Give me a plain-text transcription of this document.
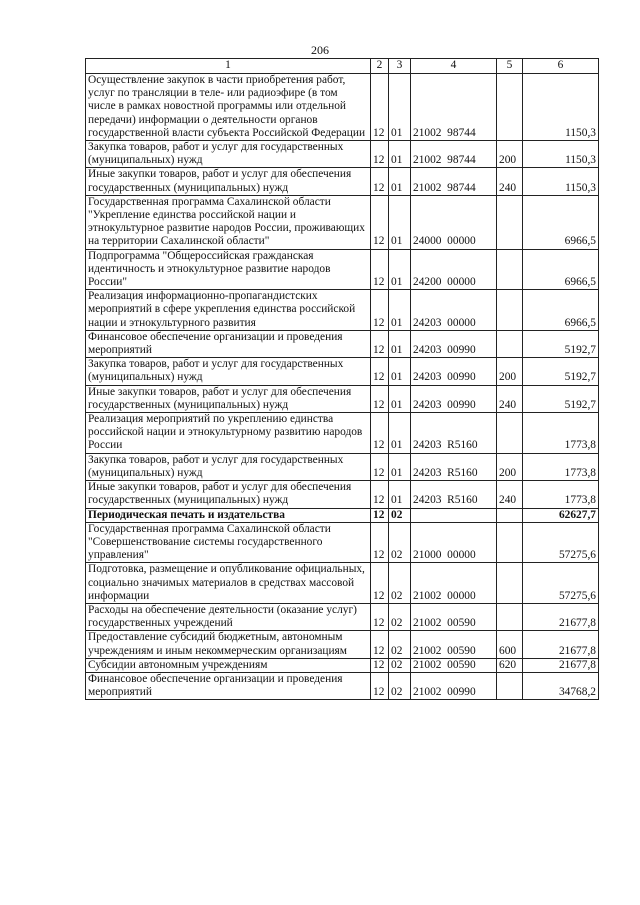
206
1	2	3	4	5	6
Осуществление закупок в части приобретения работ, услуг по трансляции в теле- или радиоэфире (в том числе в рамках новостной программы или отдельной передачи) информации о деятельности органов государственной власти субъекта Российской Федерации	12	01	21002  98744		1150,3
Закупка товаров, работ и услуг для государственных (муниципальных) нужд	12	01	21002  98744	200	1150,3
Иные закупки товаров, работ и услуг для обеспечения государственных (муниципальных) нужд	12	01	21002  98744	240	1150,3
Государственная программа Сахалинской области "Укрепление единства российской нации и этнокультурное развитие народов России, проживающих на территории Сахалинской области"	12	01	24000  00000		6966,5
Подпрограмма "Общероссийская гражданская идентичность и этнокультурное развитие народов России"	12	01	24200  00000		6966,5
Реализация информационно-пропагандистских мероприятий в сфере укрепления единства российской нации и этнокультурного развития	12	01	24203  00000		6966,5
Финансовое обеспечение организации и проведения мероприятий	12	01	24203  00990		5192,7
Закупка товаров, работ и услуг для государственных (муниципальных) нужд	12	01	24203  00990	200	5192,7
Иные закупки товаров, работ и услуг для обеспечения государственных (муниципальных) нужд	12	01	24203  00990	240	5192,7
Реализация мероприятий по укреплению единства российской нации и этнокультурному развитию народов России	12	01	24203  R5160		1773,8
Закупка товаров, работ и услуг для государственных (муниципальных) нужд	12	01	24203  R5160	200	1773,8
Иные закупки товаров, работ и услуг для обеспечения государственных (муниципальных) нужд	12	01	24203  R5160	240	1773,8
Периодическая печать и издательства	12	02			62627,7
Государственная программа Сахалинской области "Совершенствование системы государственного управления"	12	02	21000  00000		57275,6
Подготовка, размещение и опубликование официальных, социально значимых материалов в средствах массовой информации	12	02	21002  00000		57275,6
Расходы на обеспечение деятельности (оказание услуг) государственных учреждений	12	02	21002  00590		21677,8
Предоставление субсидий бюджетным, автономным учреждениям и иным некоммерческим организациям	12	02	21002  00590	600	21677,8
Субсидии автономным учреждениям	12	02	21002  00590	620	21677,8
Финансовое обеспечение организации и проведения мероприятий	12	02	21002  00990		34768,2
